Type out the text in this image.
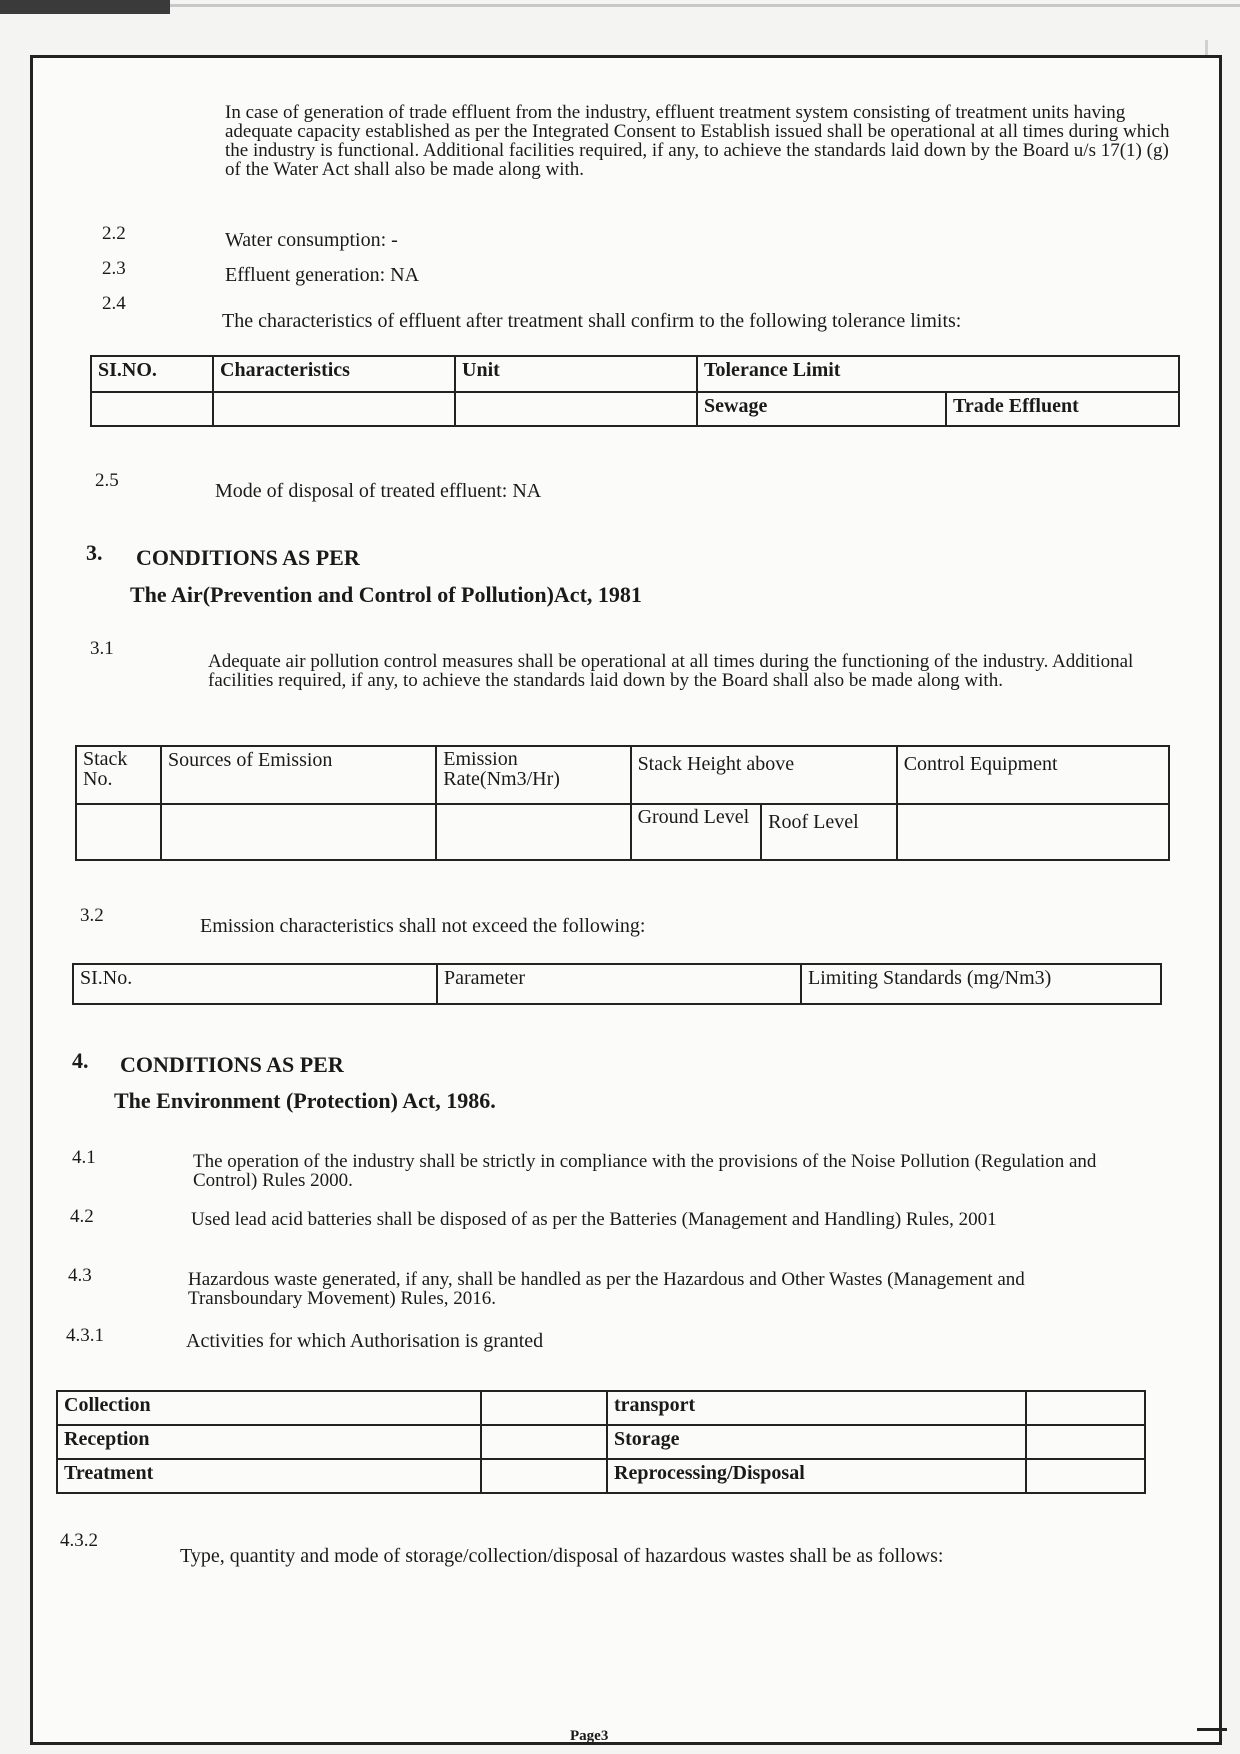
In case of generation of trade effluent from the industry, effluent treatment system consisting of treatment units having adequate capacity established as per the Integrated Consent to Establish issued shall be operational at all times during which the industry is functional. Additional facilities required, if any, to achieve the standards laid down by the Board u/s 17(1) (g) of the Water Act shall also be made along with.
2.2	Water consumption: -
2.3	Effluent generation: NA
2.4
The characteristics of effluent after treatment shall confirm to the following tolerance limits:
SI.NO.	Characteristics	Unit	Tolerance Limit	
			Sewage	Trade Effluent
2.5	Mode of disposal of treated effluent: NA
3. CONDITIONS AS PER
The Air(Prevention and Control of Pollution)Act, 1981
3.1
Adequate air pollution control measures shall be operational at all times during the functioning of the industry. Additional facilities required, if any, to achieve the standards laid down by the Board shall also be made along with.
Stack No.	Sources of Emission	Emission Rate(Nm3/Hr)	Stack Height above		Control Equipment
			Ground Level	Roof Level	
3.2	Emission characteristics shall not exceed the following:
SI.No.	Parameter	Limiting Standards (mg/Nm3)
4. CONDITIONS AS PER
The Environment (Protection) Act, 1986.
4.1	The operation of the industry shall be strictly in compliance with the provisions of the Noise Pollution (Regulation and Control) Rules 2000.
4.2	Used lead acid batteries shall be disposed of as per the Batteries (Management and Handling) Rules, 2001
4.3	Hazardous waste generated, if any, shall be handled as per the Hazardous and Other Wastes (Management and Transboundary Movement) Rules, 2016.
4.3.1	Activities for which Authorisation is granted
Collection		transport	
Reception		Storage	
Treatment		Reprocessing/Disposal	
4.3.2
Type, quantity and mode of storage/collection/disposal of hazardous wastes shall be as follows:
Page3
